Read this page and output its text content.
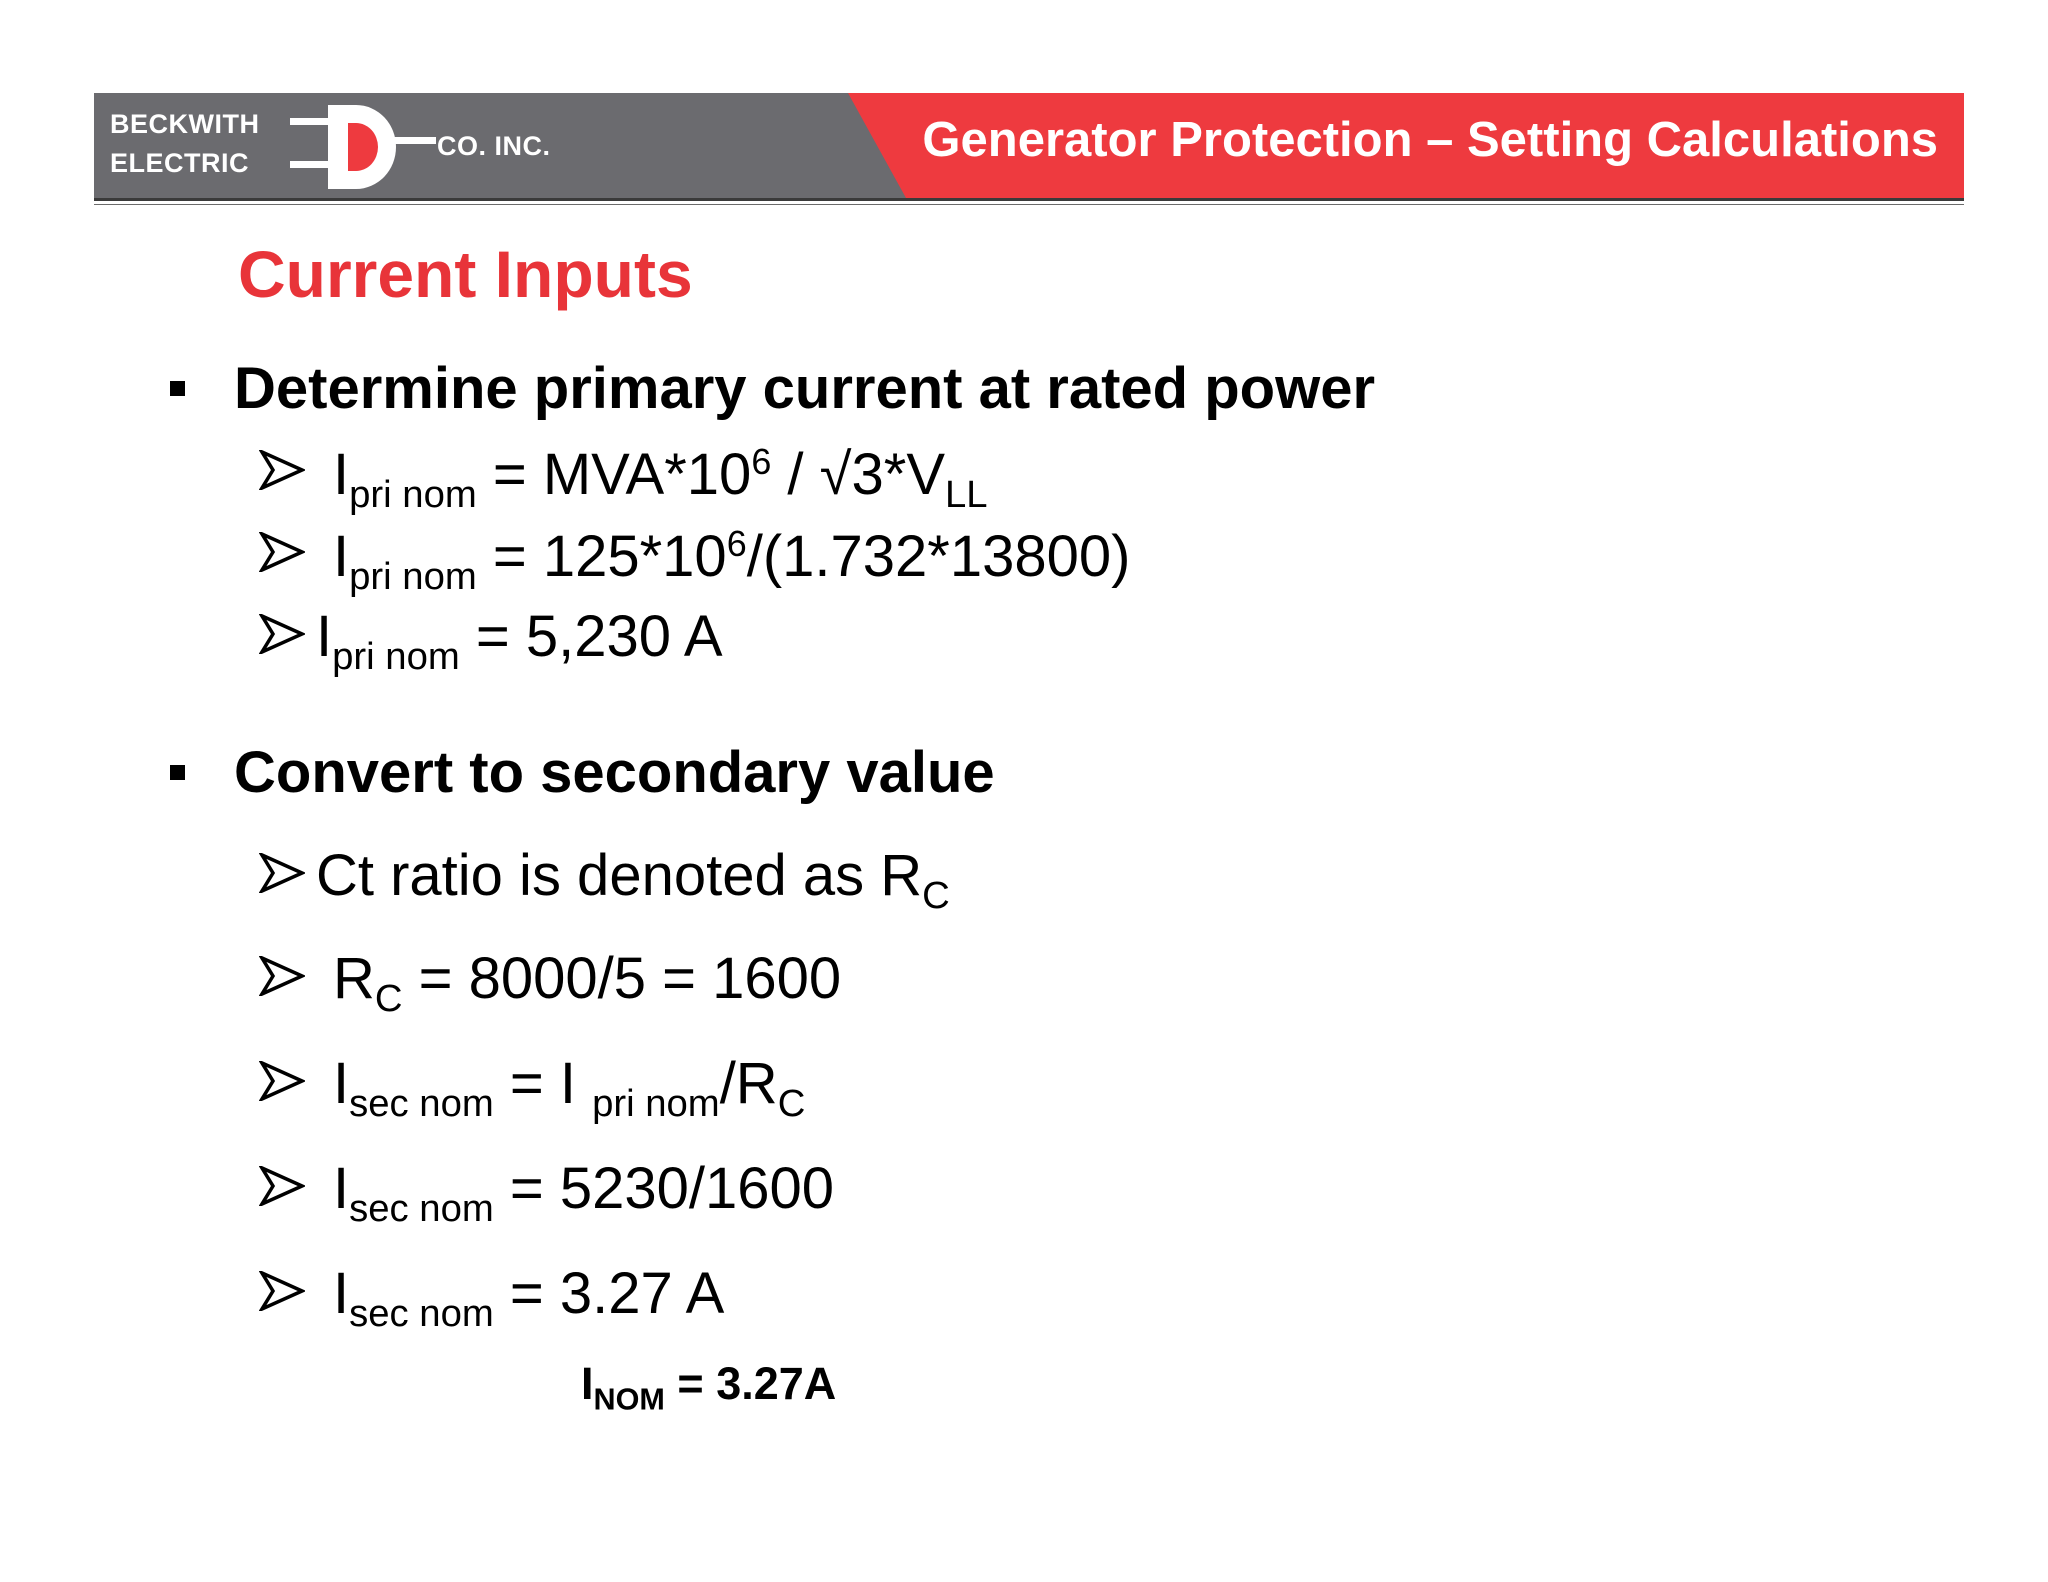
BECKWITH
ELECTRIC
CO. INC.	Generator Protection – Setting Calculations
Current Inputs
Determine primary current at rated power
$I_{pri nom} = MVA*10^6 / √3*V_{LL}$
$I_{pri nom} = 125*10^6/(1.732*13800)$
$I_{pri nom} = 5,230$ A
Convert to secondary value
Ct ratio is denoted as $R_C$
$R_C = 8000/5 = 1600$
$I_{sec nom} = I$ $_{pri nom}/R_C$
$I_{sec nom} = 5230/1600$
$I_{sec nom} = 3.27$ A
$I_{NOM} = 3.27A$
